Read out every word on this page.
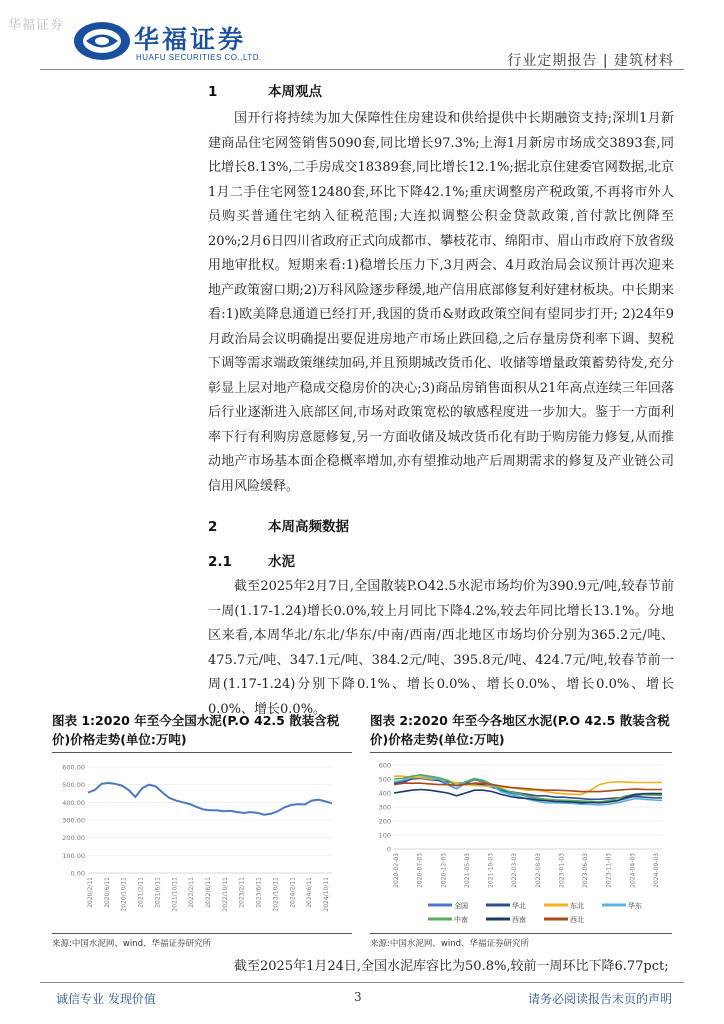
华福证券	华福证券
HUAFU SECURITIES CO.,LTD.	行业定期报告 | 建筑材料
1	本周观点

国开行将持续为加大保障性住房建设和供给提供中长期融资支持;深圳1月新建商品住宅网签销售5090套,同比增长97.3%;上海1月新房市场成交3893套,同比增长8.13%,二手房成交18389套,同比增长12.1%;据北京住建委官网数据,北京1月二手住宅网签12480套,环比下降42.1%;重庆调整房产税政策,不再将市外人员购买普通住宅纳入征税范围;大连拟调整公积金贷款政策,首付款比例降至20%;2月6日四川省政府正式向成都市、攀枝花市、绵阳市、眉山市政府下放省级用地审批权。短期来看:1)稳增长压力下,3月两会、4月政治局会议预计再次迎来地产政策窗口期;2)万科风险逐步释缓,地产信用底部修复利好建材板块。中长期来看:1)欧美降息通道已经打开,我国的货币&财政政策空间有望同步打开; 2)24年9月政治局会议明确提出要促进房地产市场止跌回稳,之后存量房贷利率下调、契税下调等需求端政策继续加码,并且预期城改货币化、收储等增量政策蓄势待发,充分彰显上层对地产稳成交稳房价的决心;3)商品房销售面积从21年高点连续三年回落后行业逐渐进入底部区间,市场对政策宽松的敏感程度进一步加大。鉴于一方面利率下行有利购房意愿修复,另一方面收储及城改货币化有助于购房能力修复,从而推动地产市场基本面企稳概率增加,亦有望推动地产后周期需求的修复及产业链公司信用风险缓释。

2	本周高频数据
2.1	水泥

截至2025年2月7日,全国散装P.O42.5水泥市场均价为390.9元/吨,较春节前一周(1.17-1.24)增长0.0%,较上月同比下降4.2%,较去年同比增长13.1%。分地区来看,本周华北/东北/华东/中南/西南/西北地区市场均价分别为365.2元/吨、475.7元/吨、347.1元/吨、384.2元/吨、395.8元/吨、424.7元/吨,较春节前一周(1.17-1.24)分别下降0.1%、增长0.0%、增长0.0%、增长0.0%、增长0.0%、增长0.0%。

图表 1:2020 年至今全国水泥(P.O 42.5 散装含税价)价格走势(单位:万吨)
0.00
100.00
200.00
300.00
400.00
500.00
600.00
2020/2/11 2020/6/11 2020/10/11 2021/2/11 2021/6/11 2021/10/11 2022/2/11 2022/6/11 2022/10/11 2023/2/11 2023/6/11 2023/10/11 2024/2/11 2024/6/11 2024/10/11
来源:中国水泥网、wind、华福证券研究所
图表 2:2020 年至今各地区水泥(P.O 42.5 散装含税价)价格走势(单位:万吨)
0
100
200
300
400
500
600
2020-02-03	2020-07-03	2020-12-03	2021-05-03	2021-10-03	2022-03-03	2022-08-03	2023-01-03	2023-06-03	2023-11-03	2024-04-03	2024-09-03
全国	华北	东北	华东
中南	西南	西北
来源:中国水泥网、wind、华福证券研究所

截至2025年1月24日,全国水泥库容比为50.8%,较前一周环比下降6.77pct;

诚信专业 发现价值	3	请务必阅读报告末页的声明
